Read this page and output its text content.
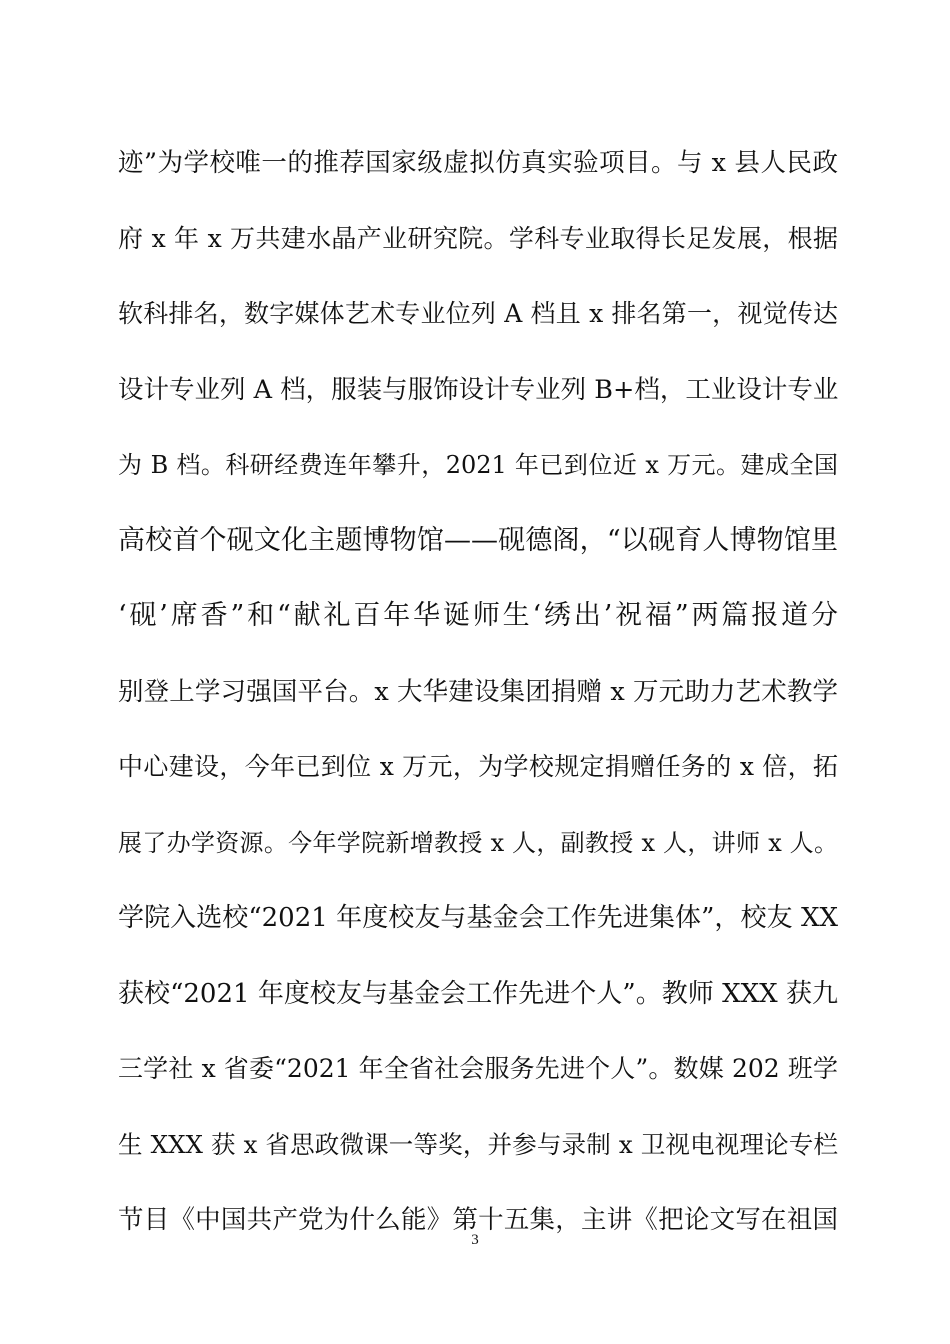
迹”为学校唯一的推荐国家级虚拟仿真实验项目。与 x 县人民政
府 x 年 x 万共建水晶产业研究院。学科专业取得长足发展，根据
软科排名，数字媒体艺术专业位列 A 档且 x 排名第一，视觉传达
设计专业列 A 档，服装与服饰设计专业列 B+档，工业设计专业
为 B 档。科研经费连年攀升，2021 年已到位近 x 万元。建成全国
高校首个砚文化主题博物馆——砚德阁，“以砚育人博物馆里
‘砚’席香”和“献礼百年华诞师生‘绣出’祝福”两篇报道分
别登上学习强国平台。x 大华建设集团捐赠 x 万元助力艺术教学
中心建设，今年已到位 x 万元，为学校规定捐赠任务的 x 倍，拓
展了办学资源。今年学院新增教授 x 人，副教授 x 人，讲师 x 人。
学院入选校“2021 年度校友与基金会工作先进集体”，校友 XX
获校“2021 年度校友与基金会工作先进个人”。教师 XXX 获九
三学社 x 省委“2021 年全省社会服务先进个人”。数媒 202 班学
生 XXX 获 x 省思政微课一等奖，并参与录制 x 卫视电视理论专栏
节目《中国共产党为什么能》第十五集，主讲《把论文写在祖国
3
